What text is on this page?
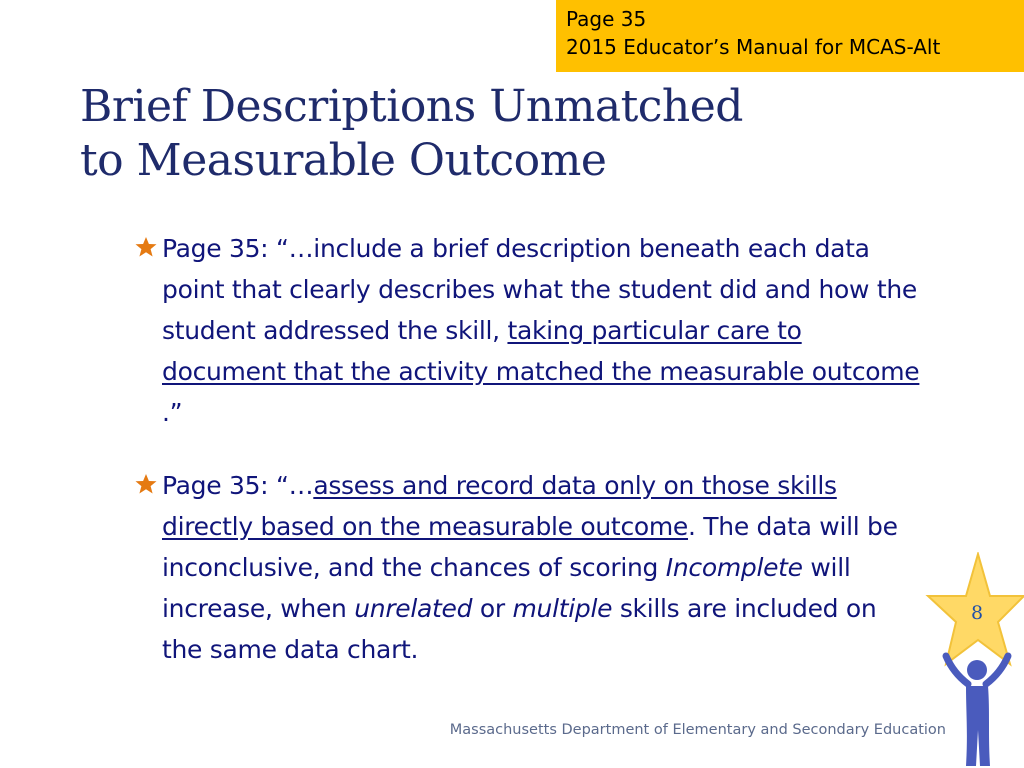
Page 35
2015 Educator’s Manual for MCAS-Alt
Brief Descriptions Unmatched
to Measurable Outcome
Page 35: “…include a brief description beneath each data point that clearly describes what the student did and how the student addressed the skill, taking particular care to document that the activity matched the measurable outcome .”
Page 35: “…assess and record data only on those skills directly based on the measurable outcome. The data will be inconclusive, and the chances of scoring Incomplete will increase, when unrelated or multiple skills are included on the same data chart.
8
Massachusetts Department of Elementary and Secondary Education
